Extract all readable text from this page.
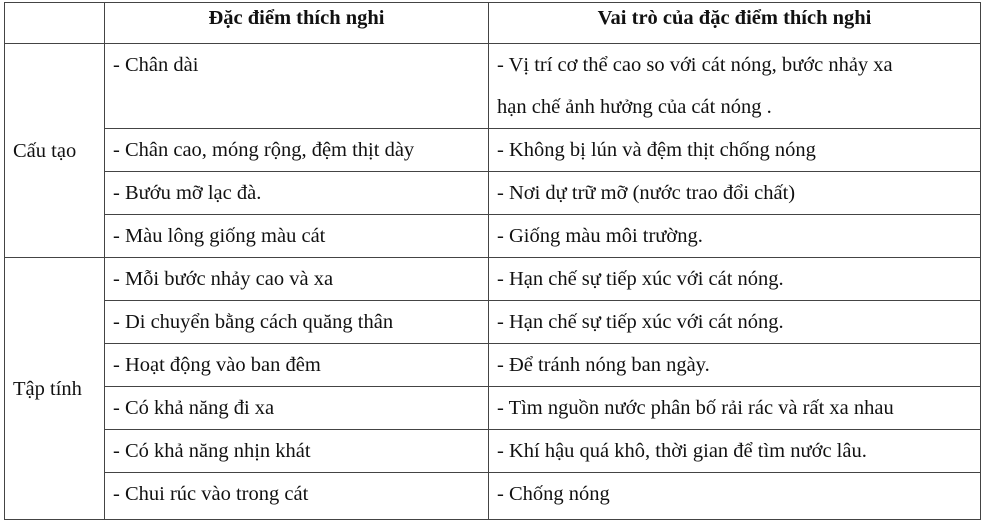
	Đặc điểm thích nghi	Vai trò của đặc điểm thích nghi
Cấu tạo	- Chân dài	- Vị trí cơ thể cao so với cát nóng, bước nhảy xa
hạn chế ảnh hưởng của cát nóng .

	- Chân cao, móng rộng, đệm thịt dày	- Không bị lún và đệm thịt chống nóng
	- Bướu mỡ lạc đà.	- Nơi dự trữ mỡ (nước trao đổi chất)
	- Màu lông giống màu cát	- Giống màu môi trường.
Tập tính	- Mỗi bước nhảy cao và xa	- Hạn chế sự tiếp xúc với cát nóng.
	- Di chuyển bằng cách quăng thân	- Hạn chế sự tiếp xúc với cát nóng.
	- Hoạt động vào ban đêm	- Để tránh nóng ban ngày.
	- Có khả năng đi xa	- Tìm nguồn nước phân bố rải rác và rất xa nhau
	- Có khả năng nhịn khát	- Khí hậu quá khô, thời gian để tìm nước lâu.
	- Chui rúc vào trong cát	- Chống nóng
